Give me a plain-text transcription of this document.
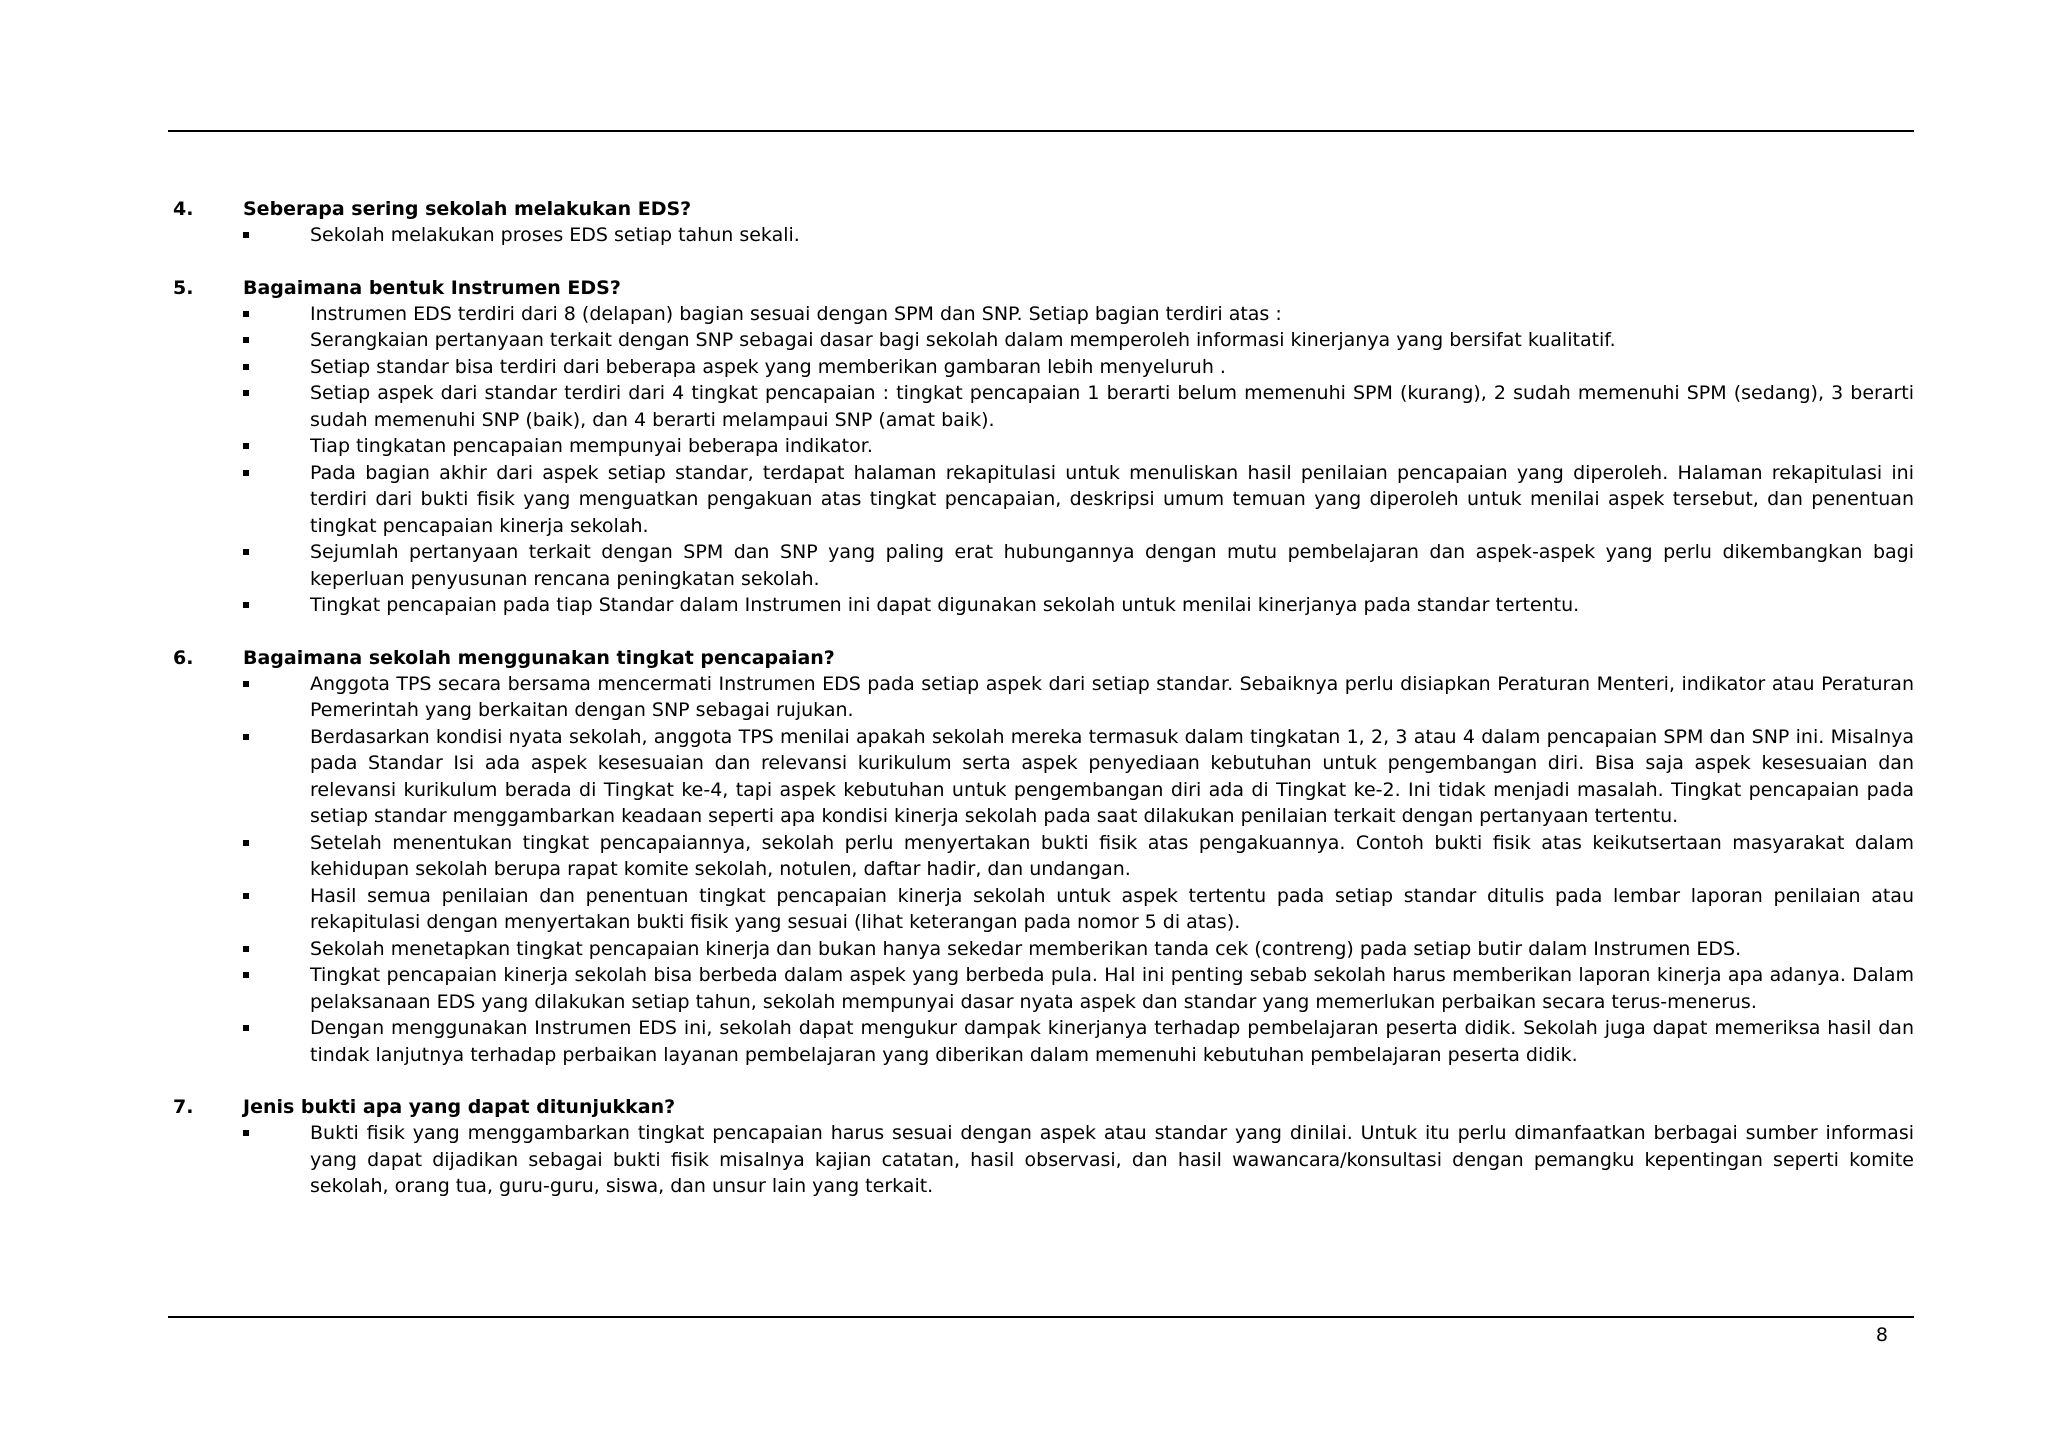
4.	Seberapa sering sekolah melakukan EDS?
Sekolah melakukan proses EDS setiap tahun sekali.
5.	Bagaimana bentuk Instrumen EDS?
Instrumen EDS terdiri dari 8 (delapan) bagian sesuai dengan SPM dan SNP. Setiap bagian terdiri atas :
Serangkaian pertanyaan terkait dengan SNP sebagai dasar bagi sekolah dalam memperoleh informasi kinerjanya yang bersifat kualitatif.
Setiap standar bisa terdiri dari beberapa aspek yang memberikan gambaran lebih menyeluruh .
Setiap aspek dari standar terdiri dari 4 tingkat pencapaian : tingkat pencapaian 1 berarti belum memenuhi SPM (kurang), 2 sudah memenuhi SPM (sedang), 3 berarti sudah memenuhi SNP (baik), dan 4 berarti melampaui SNP (amat baik).
Tiap tingkatan pencapaian mempunyai beberapa indikator.
Pada bagian akhir dari aspek setiap standar, terdapat halaman rekapitulasi untuk menuliskan hasil penilaian pencapaian yang diperoleh. Halaman rekapitulasi ini terdiri dari bukti fisik yang menguatkan pengakuan atas tingkat pencapaian, deskripsi umum temuan yang diperoleh untuk menilai aspek tersebut, dan penentuan tingkat pencapaian kinerja sekolah.
Sejumlah pertanyaan terkait dengan SPM dan SNP yang paling erat hubungannya dengan mutu pembelajaran dan aspek-aspek yang perlu dikembangkan bagi keperluan penyusunan rencana peningkatan sekolah.
Tingkat pencapaian pada tiap Standar dalam Instrumen ini dapat digunakan sekolah untuk menilai kinerjanya pada standar tertentu.
6.	Bagaimana sekolah menggunakan tingkat pencapaian?
Anggota TPS secara bersama mencermati Instrumen EDS pada setiap aspek dari setiap standar. Sebaiknya perlu disiapkan Peraturan Menteri, indikator atau Peraturan Pemerintah yang berkaitan dengan SNP sebagai rujukan.
Berdasarkan kondisi nyata sekolah, anggota TPS menilai apakah sekolah mereka termasuk dalam tingkatan 1, 2, 3 atau 4 dalam pencapaian SPM dan SNP ini. Misalnya pada Standar Isi ada aspek kesesuaian dan relevansi kurikulum serta aspek penyediaan kebutuhan untuk pengembangan diri. Bisa saja aspek kesesuaian dan relevansi kurikulum berada di Tingkat ke-4, tapi aspek kebutuhan untuk pengembangan diri ada di Tingkat ke-2. Ini tidak menjadi masalah. Tingkat pencapaian pada setiap standar menggambarkan keadaan seperti apa kondisi kinerja sekolah pada saat dilakukan penilaian terkait dengan pertanyaan tertentu.
Setelah menentukan tingkat pencapaiannya, sekolah perlu menyertakan bukti fisik atas pengakuannya. Contoh bukti fisik atas keikutsertaan masyarakat dalam kehidupan sekolah berupa rapat komite sekolah, notulen, daftar hadir, dan undangan.
Hasil semua penilaian dan penentuan tingkat pencapaian kinerja sekolah untuk aspek tertentu pada setiap standar ditulis pada lembar laporan penilaian atau rekapitulasi dengan menyertakan bukti fisik yang sesuai (lihat keterangan pada nomor 5 di atas).
Sekolah menetapkan tingkat pencapaian kinerja dan bukan hanya sekedar memberikan tanda cek (contreng) pada setiap butir dalam Instrumen EDS.
Tingkat pencapaian kinerja sekolah bisa berbeda dalam aspek yang berbeda pula. Hal ini penting sebab sekolah harus memberikan laporan kinerja apa adanya. Dalam pelaksanaan EDS yang dilakukan setiap tahun, sekolah mempunyai dasar nyata aspek dan standar yang memerlukan perbaikan secara terus-menerus.
Dengan menggunakan Instrumen EDS ini, sekolah dapat mengukur dampak kinerjanya terhadap pembelajaran peserta didik. Sekolah juga dapat memeriksa hasil dan tindak lanjutnya terhadap perbaikan layanan pembelajaran yang diberikan dalam memenuhi kebutuhan pembelajaran peserta didik.
7.	Jenis bukti apa yang dapat ditunjukkan?
Bukti fisik yang menggambarkan tingkat pencapaian harus sesuai dengan aspek atau standar yang dinilai. Untuk itu perlu dimanfaatkan berbagai sumber informasi yang dapat dijadikan sebagai bukti fisik misalnya kajian catatan, hasil observasi, dan hasil wawancara/konsultasi dengan pemangku kepentingan seperti komite sekolah, orang tua, guru-guru, siswa, dan unsur lain yang terkait.
8
